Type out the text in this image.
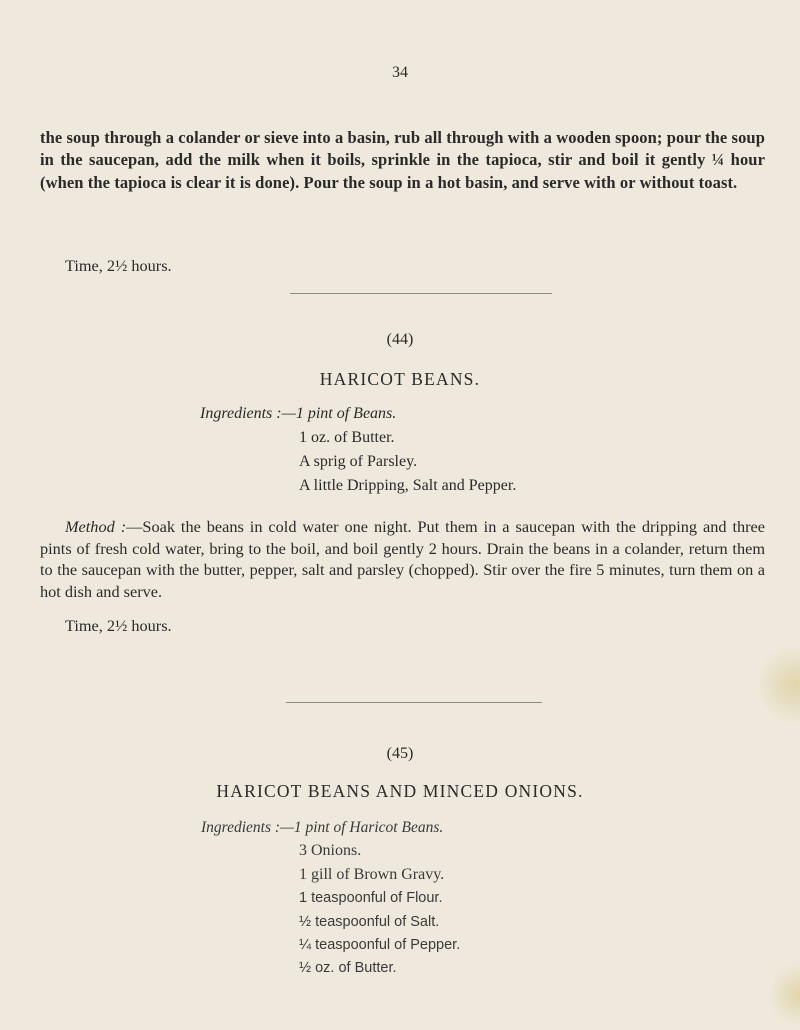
34

the soup through a colander or sieve into a basin, rub all through with a wooden spoon; pour the soup in the saucepan, add the milk when it boils, sprinkle in the tapioca, stir and boil it gently ¼ hour (when the tapioca is clear it is done). Pour the soup in a hot basin, and serve with or without toast.

Time, 2½ hours.
(44)
HARICOT BEANS.
Ingredients :—1 pint of Beans.
1 oz. of Butter.
A sprig of Parsley.
A little Dripping, Salt and Pepper.

Method :—Soak the beans in cold water one night. Put them in a saucepan with the dripping and three pints of fresh cold water, bring to the boil, and boil gently 2 hours. Drain the beans in a colander, return them to the saucepan with the butter, pepper, salt and parsley (chopped). Stir over the fire 5 minutes, turn them on a hot dish and serve.

Time, 2½ hours.
(45)
HARICOT BEANS AND MINCED ONIONS.
Ingredients :—1 pint of Haricot Beans.
3 Onions.
1 gill of Brown Gravy.
1 teaspoonful of Flour.
½ teaspoonful of Salt.
¼ teaspoonful of Pepper.
½ oz. of Butter.
